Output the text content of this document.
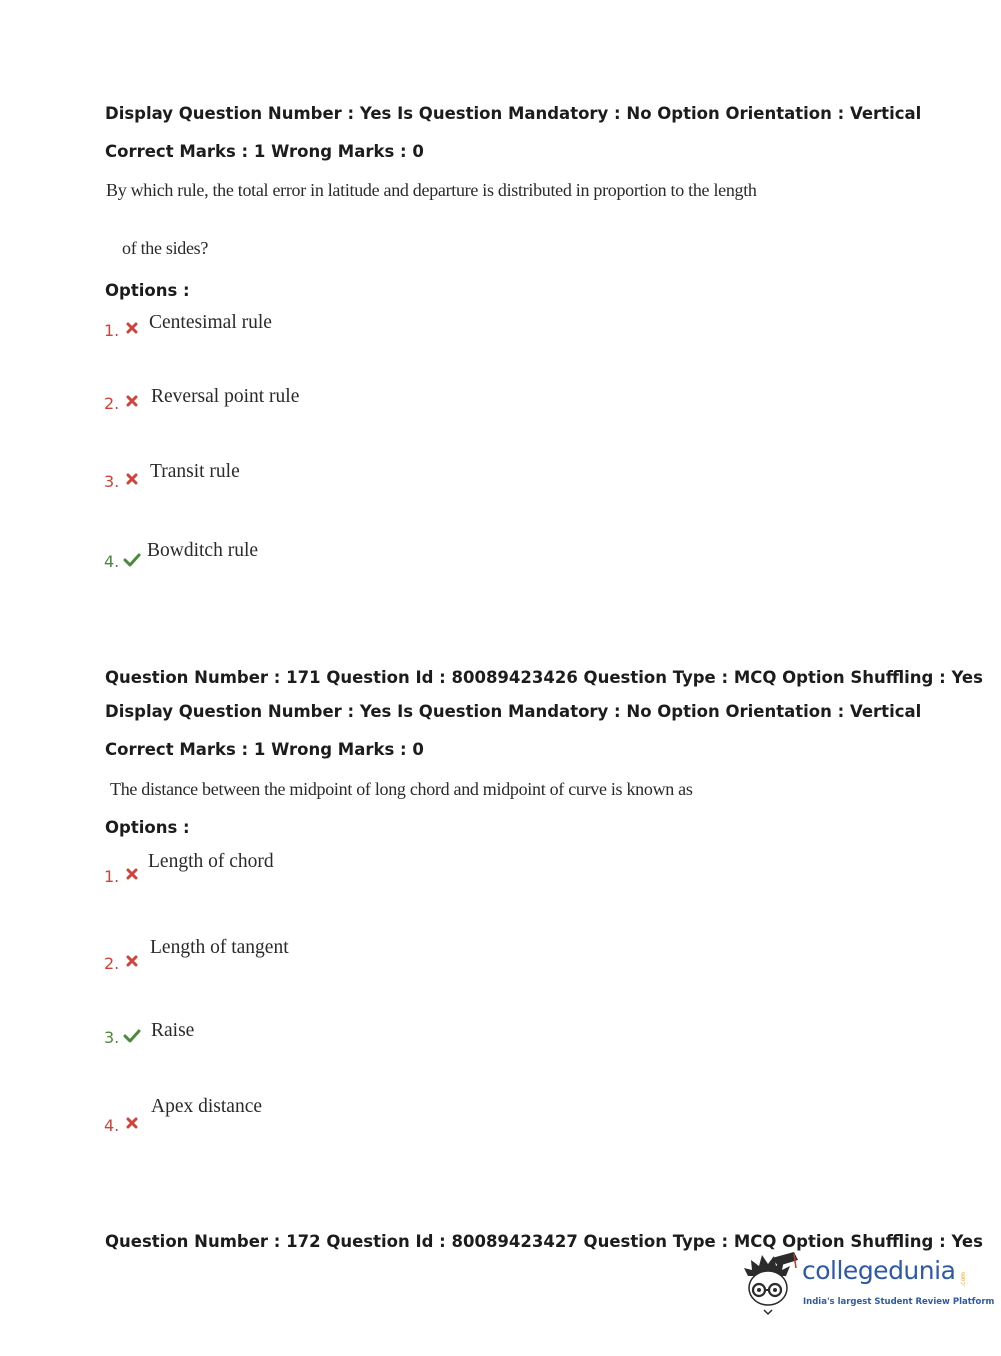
Display Question Number : Yes Is Question Mandatory : No Option Orientation : Vertical
Correct Marks : 1 Wrong Marks : 0
By which rule, the total error in latitude and departure is distributed in proportion to the length
of the sides?
Options :
1. Centesimal rule
2. Reversal point rule
3. Transit rule
4.
Bowditch rule
Question Number : 171 Question Id : 80089423426 Question Type : MCQ Option Shuffling : Yes
Display Question Number : Yes Is Question Mandatory : No Option Orientation : Vertical
Correct Marks : 1 Wrong Marks : 0
The distance between the midpoint of long chord and midpoint of curve is known as
Options :
1.
Length of chord
2.
Length of tangent
3. Raise
4.
Apex distance
Question Number : 172 Question Id : 80089423427 Question Type : MCQ Option Shuffling : Yes
collegedunia .com
India's largest Student Review Platform
